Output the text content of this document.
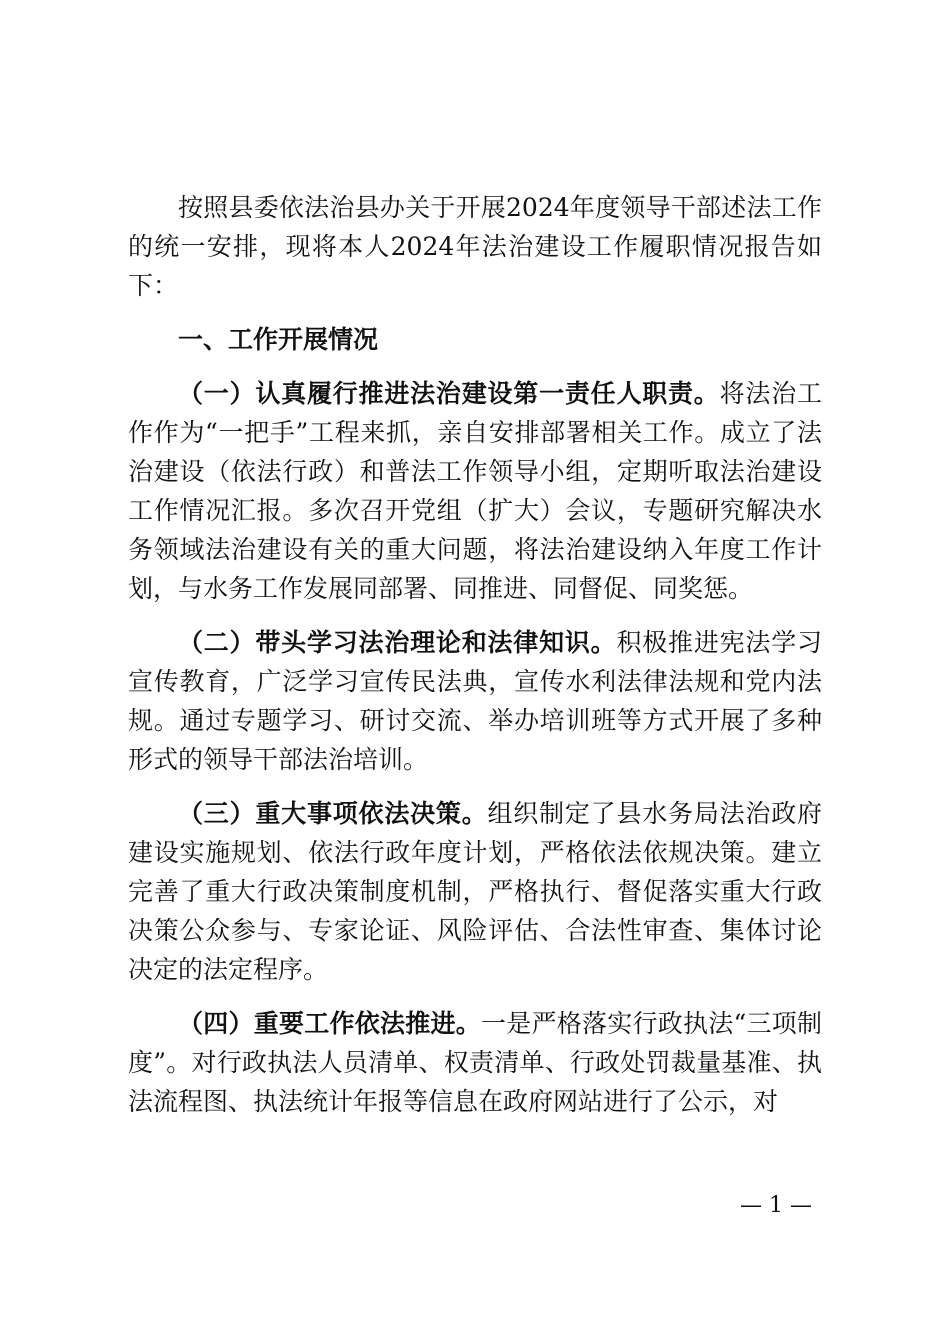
按照县委依法治县办关于开展2024年度领导干部述法工作的统一安排，现将本人2024年法治建设工作履职情况报告如下：

一、工作开展情况

（一）认真履行推进法治建设第一责任人职责。将法治工作作为“一把手”工程来抓，亲自安排部署相关工作。成立了法治建设（依法行政）和普法工作领导小组，定期听取法治建设工作情况汇报。多次召开党组（扩大）会议，专题研究解决水务领域法治建设有关的重大问题，将法治建设纳入年度工作计划，与水务工作发展同部署、同推进、同督促、同奖惩。

（二）带头学习法治理论和法律知识。积极推进宪法学习宣传教育，广泛学习宣传民法典，宣传水利法律法规和党内法规。通过专题学习、研讨交流、举办培训班等方式开展了多种形式的领导干部法治培训。

（三）重大事项依法决策。组织制定了县水务局法治政府建设实施规划、依法行政年度计划，严格依法依规决策。建立完善了重大行政决策制度机制，严格执行、督促落实重大行政决策公众参与、专家论证、风险评估、合法性审查、集体讨论决定的法定程序。

（四）重要工作依法推进。一是严格落实行政执法“三项制度”。对行政执法人员清单、权责清单、行政处罚裁量基准、执法流程图、执法统计年报等信息在政府网站进行了公示，对

— 1 —
